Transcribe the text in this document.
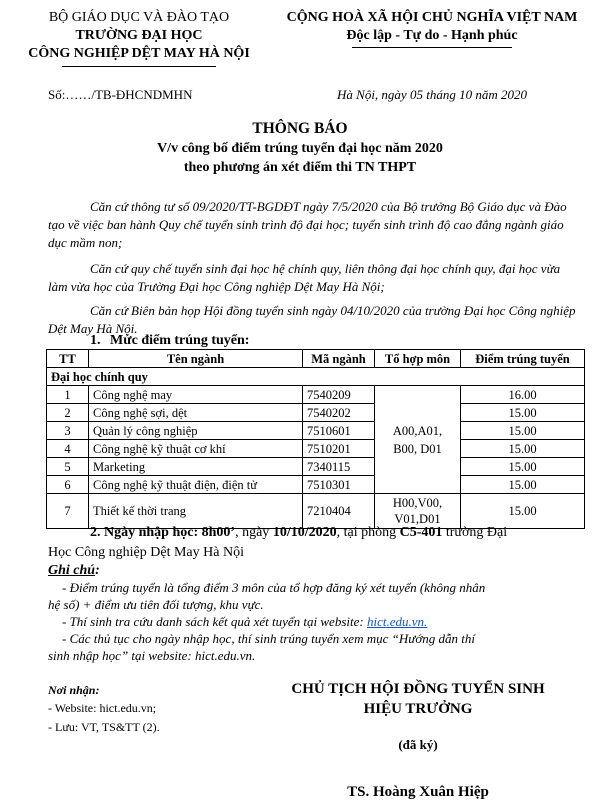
BỘ GIÁO DỤC VÀ ĐÀO TẠO
TRƯỜNG ĐẠI HỌC
CÔNG NGHIỆP DỆT MAY HÀ NỘI
Số:……/TB-ĐHCNDMHN
CỘNG HOÀ XÃ HỘI CHỦ NGHĨA VIỆT NAM
Độc lập - Tự do - Hạnh phúc
Hà Nội, ngày 05 tháng 10 năm 2020
THÔNG BÁO
V/v công bố điểm trúng tuyển đại học năm 2020
theo phương án xét điểm thi TN THPT
Căn cứ thông tư số 09/2020/TT-BGDĐT ngày 7/5/2020 của Bộ trưởng Bộ Giáo dục và Đào tạo về việc ban hành Quy chế tuyển sinh trình độ đại học; tuyển sinh trình độ cao đẳng ngành giáo dục mầm non;
Căn cứ quy chế tuyển sinh đại học hệ chính quy, liên thông đại học chính quy, đại học vừa làm vừa học của Trường Đại học Công nghiệp Dệt May Hà Nội;
Căn cứ Biên bản họp Hội đồng tuyển sinh ngày 04/10/2020 của trường Đại học Công nghiệp Dệt May Hà Nội.
1. Mức điểm trúng tuyển:
TT	Tên ngành	Mã ngành	Tổ hợp môn	Điểm trúng tuyển
Đại học chính quy				
1	Công nghệ may	7540209	A00,A01,
B00, D01	16.00
2	Công nghệ sợi, dệt	7540202		15.00
3	Quản lý công nghiệp	7510601		15.00
4	Công nghệ kỹ thuật cơ khí	7510201		15.00
5	Marketing	7340115		15.00
6	Công nghệ kỹ thuật điện, điện tử	7510301		15.00
7	Thiết kế thời trang	7210404	H00,V00,
V01,D01	15.00
2. Ngày nhập học: 8h00’, ngày 10/10/2020, tại phòng C5-401 trường Đại
Học Công nghiệp Dệt May Hà Nội
Ghi chú:
- Điểm trúng tuyển là tổng điểm 3 môn của tổ hợp đăng ký xét tuyển (không nhân
hệ số) + điểm ưu tiên đối tượng, khu vực.
- Thí sinh tra cứu danh sách kết quả xét tuyển tại website: hict.edu.vn.
- Các thủ tục cho ngày nhập học, thí sinh trúng tuyển xem mục “Hướng dẫn thí
sinh nhập học” tại website: hict.edu.vn.
Nơi nhận:
- Website: hict.edu.vn;
- Lưu: VT, TS&TT (2).
CHỦ TỊCH HỘI ĐỒNG TUYỂN SINH
HIỆU TRƯỞNG
(đã ký)
TS. Hoàng Xuân Hiệp
